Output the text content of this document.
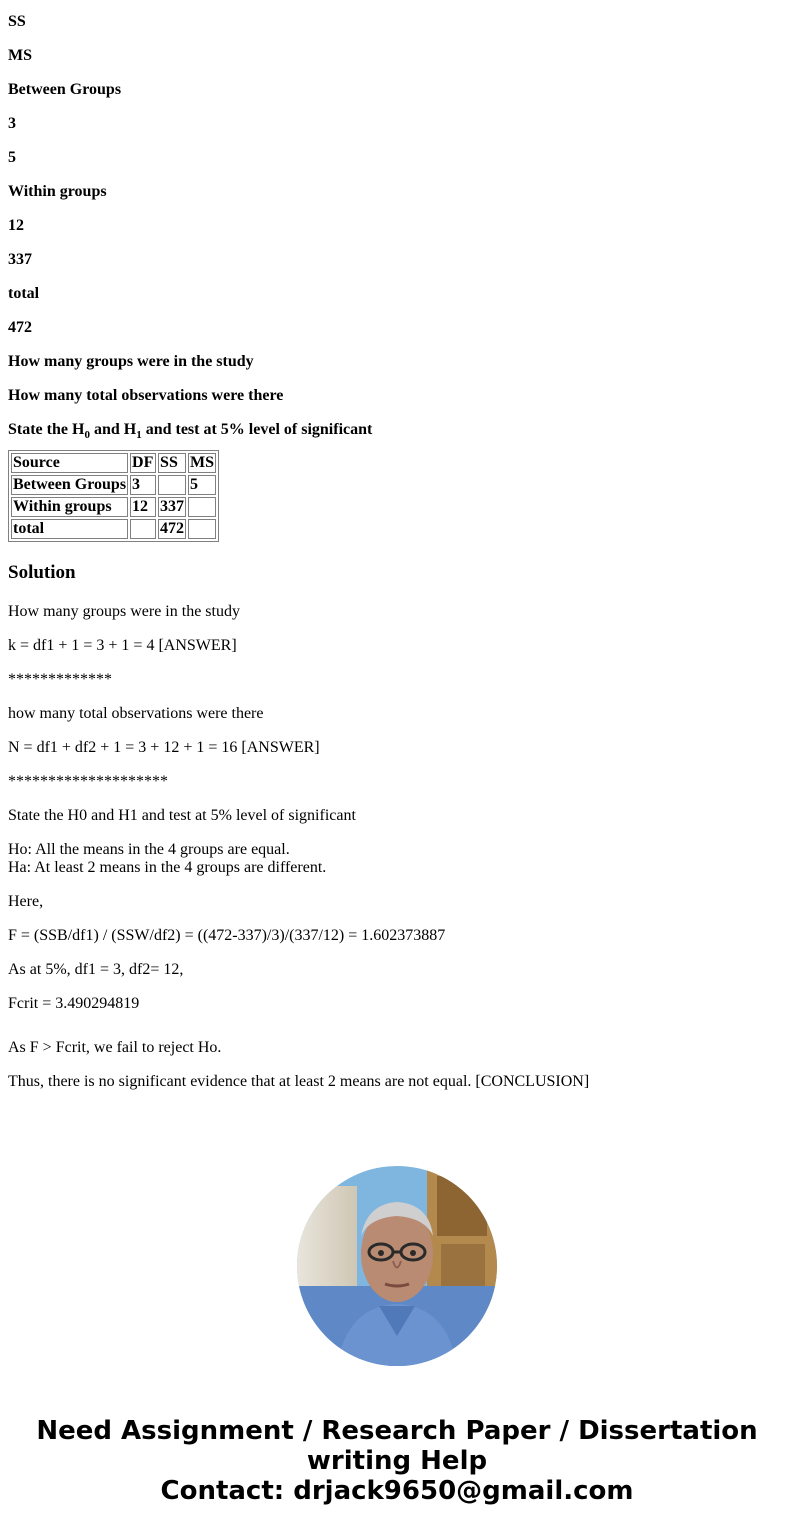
SS

MS

Between Groups

3

5

Within groups

12

337

total

472

How many groups were in the study

How many total observations were there

State the $H_0$ and $H_1$ and test at 5% level of significant

Source	DF	SS	MS
Between Groups	3		5
Within groups	12	337	
total		472	
Solution

How many groups were in the study

k = df1 + 1 = 3 + 1 = 4 [ANSWER]

*************

how many total observations were there

N = df1 + df2 + 1 = 3 + 12 + 1 = 16 [ANSWER]

********************

State the H0 and H1 and test at 5% level of significant

Ho: All the means in the 4 groups are equal.

Ha: At least 2 means in the 4 groups are different.

Here,

F = (SSB/df1) / (SSW/df2) = ((472-337)/3)/(337/12) = 1.602373887

As at 5%, df1 = 3, df2= 12,

Fcrit = 3.490294819

As F > Fcrit, we fail to reject Ho.

Thus, there is no significant evidence that at least 2 means are not equal. [CONCLUSION]

Need Assignment / Research Paper / Dissertation
writing Help
Contact: drjack9650@gmail.com
